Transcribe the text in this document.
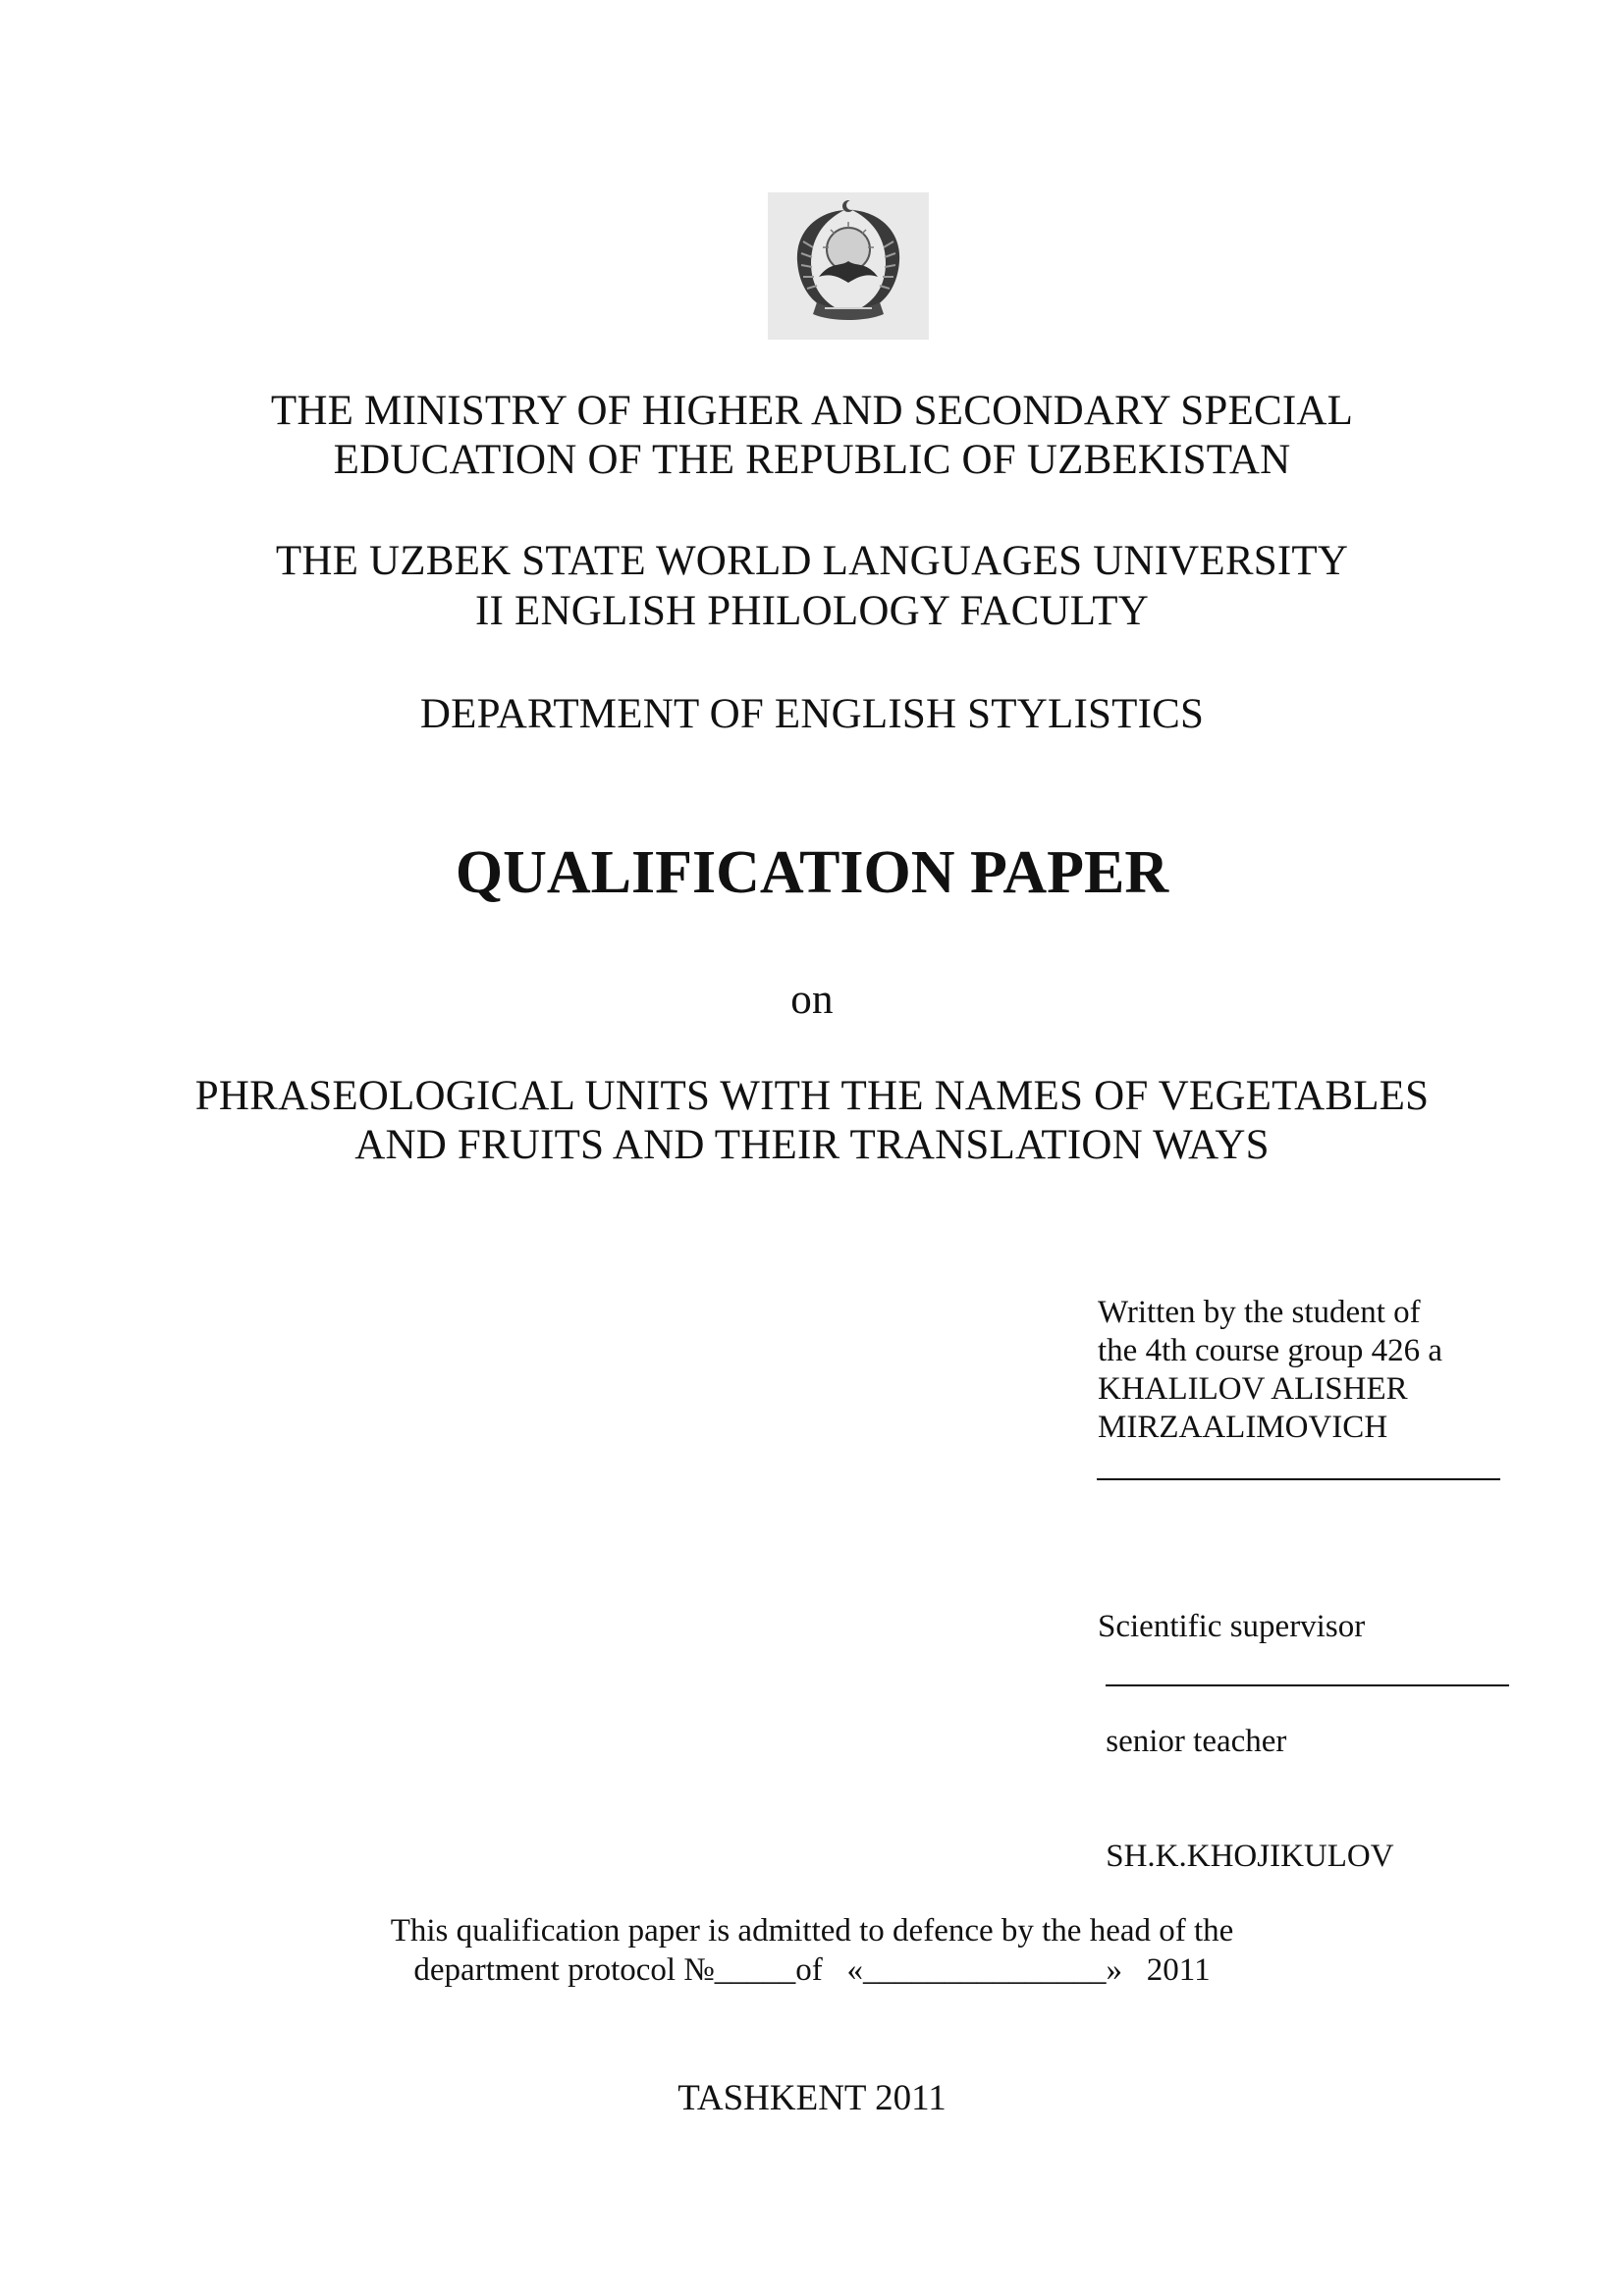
THE MINISTRY OF HIGHER AND SECONDARY SPECIAL
EDUCATION OF THE REPUBLIC OF UZBEKISTAN
THE UZBEK STATE WORLD LANGUAGES UNIVERSITY
II ENGLISH PHILOLOGY FACULTY
DEPARTMENT OF ENGLISH STYLISTICS
QUALIFICATION PAPER
on
PHRASEOLOGICAL UNITS WITH THE NAMES OF VEGETABLES
AND FRUITS AND THEIR TRANSLATION WAYS
Written by the student of
the 4th course group 426 a
KHALILOV ALISHER
MIRZAALIMOVICH

Scientific supervisor

senior teacher

SH.K.KHOJIKULOV

This qualification paper is admitted to defence by the head of the
department protocol №_____of   «_______________»   2011
TASHKENT 2011
